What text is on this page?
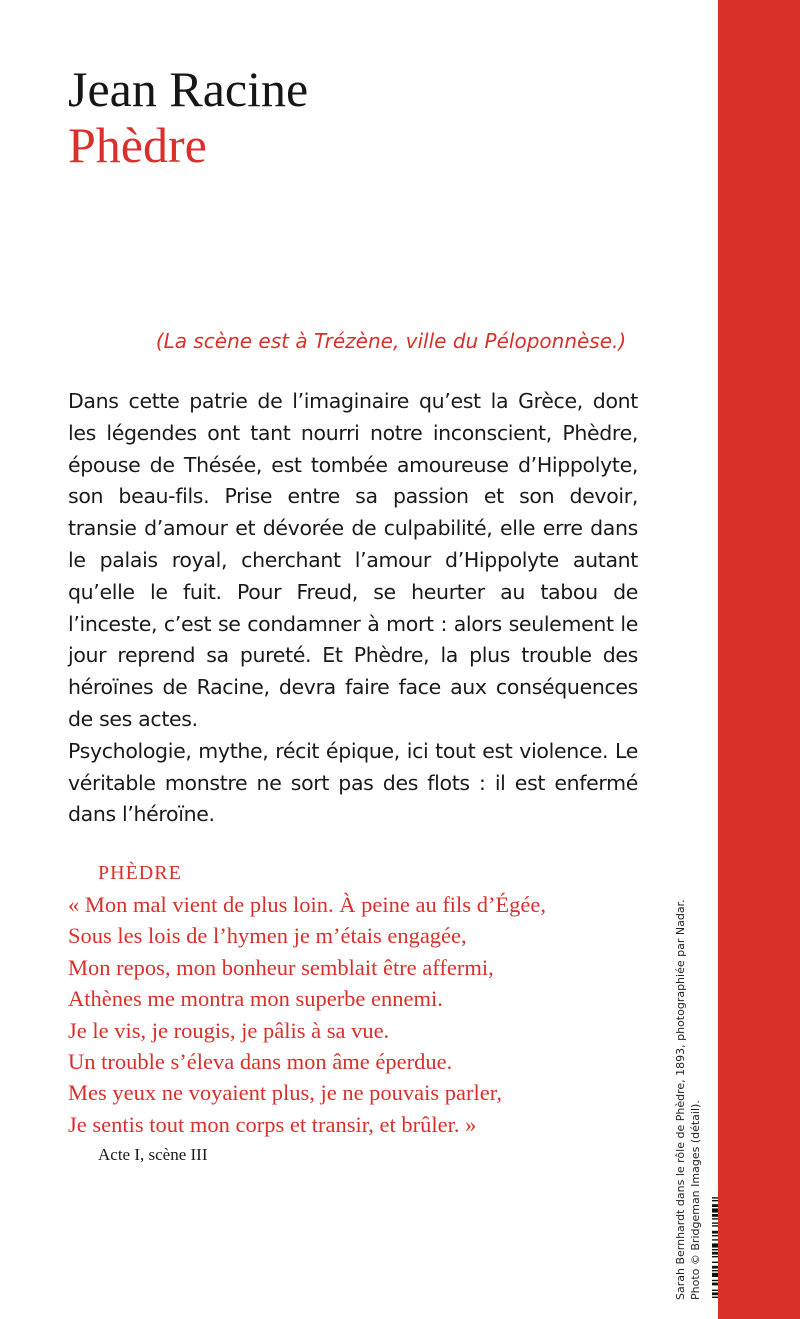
Jean Racine
Phèdre
(La scène est à Trézène, ville du Péloponnèse.)

Dans cette patrie de l’imaginaire qu’est la Grèce, dont les légendes ont tant nourri notre inconscient, Phèdre, épouse de Thésée, est tombée amoureuse d’Hippolyte, son beau-fils. Prise entre sa passion et son devoir, transie d’amour et dévorée de culpabilité, elle erre dans le palais royal, cherchant l’amour d’Hippolyte autant qu’elle le fuit. Pour Freud, se heurter au tabou de l’inceste, c’est se condamner à mort : alors seulement le jour reprend sa pureté. Et Phèdre, la plus trouble des héroïnes de Racine, devra faire face aux conséquences de ses actes.

Psychologie, mythe, récit épique, ici tout est violence. Le véritable monstre ne sort pas des flots : il est enfermé dans l’héroïne.

PHÈDRE
« Mon mal vient de plus loin. À peine au fils d’Égée,
Sous les lois de l’hymen je m’étais engagée,
Mon repos, mon bonheur semblait être affermi,
Athènes me montra mon superbe ennemi.
Je le vis, je rougis, je pâlis à sa vue.
Un trouble s’éleva dans mon âme éperdue.
Mes yeux ne voyaient plus, je ne pouvais parler,
Je sentis tout mon corps et transir, et brûler. »
Acte I, scène III	Sarah Bernhardt dans le rôle de Phèdre, 1893, photographiée par Nadar. Photo © Bridgeman Images (détail).
